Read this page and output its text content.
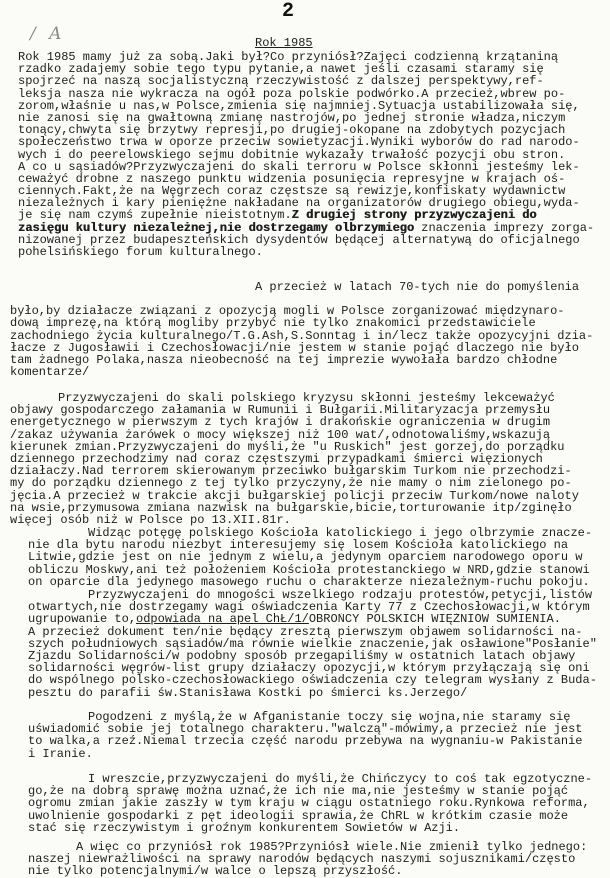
2
/ A	Rok 1985
Rok 1985 mamy już za sobą.Jaki był?Co przyniósł?Zajęci codzienną krzątaniną
rzadko zadajemy sobie tego typu pytanie,a nawet jeśli czasami staramy się
spojrzeć na naszą socjalistyczną rzeczywistość z dalszej perspektywy,ref-
leksja nasza nie wykracza na ogół poza polskie podwórko.A przecież,wbrew po-
zorom,właśnie u nas,w Polsce,zmienia się najmniej.Sytuacja ustabilizowała się,
nie zanosi się na gwałtowną zmianę nastrojów,po jednej stronie władza,niczym
tonący,chwyta się brzytwy represji,po drugiej-okopane na zdobytych pozycjach
społeczeństwo trwa w oporze przeciw sowietyzacji.Wyniki wyborów do rad narodo-
wych i do peerelowskiego sejmu dobitnie wykazały trwałość pozycji obu stron.
A co u sąsiadów?Przyzwyczajeni do skali terroru w Polsce skłonni jesteśmy lek-
ceważyć drobne z naszego punktu widzenia posunięcia represyjne w krajach oś-
ciennych.Fakt,że na Węgrzech coraz częstsze są rewizje,konfiskaty wydawnictw
niezależnych i kary pieniężne nakładane na organizatorów drugiego obiegu,wyda-
je się nam czymś zupełnie nieistotnym.Z drugiej strony przyzwyczajeni do
zasięgu kultury niezależnej,nie dostrzegamy olbrzymiego znaczenia imprezy zorga-
nizowanej przez budapeszteńskich dysydentów będącej alternatywą do oficjalnego
pohelsińskiego forum kulturalnego.
A przecież w latach 70-tych nie do pomyślenia
było,by działacze związani z opozycją mogli w Polsce zorganizować międzynaro-
dową imprezę,na którą mogliby przybyć nie tylko znakomici przedstawiciele
zachodniego życia kulturalnego/T.G.Ash,S.Sonntag i in/lecz także opozycyjni dzia-
łacze z Jugosławii i Czechosłowacji/nie jestem w stanie pojąć dlaczego nie było
tam żadnego Polaka,nasza nieobecność na tej imprezie wywołała bardzo chłodne
komentarze/
Przyzwyczajeni do skali polskiego kryzysu skłonni jesteśmy lekceważyć
objawy gospodarczego załamania w Rumunii i Bułgarii.Militaryzacja przemysłu
energetycznego w pierwszym z tych krajów i drakońskie ograniczenia w drugim
/zakaz używania żarówek o mocy większej niż 100 wat/,odnotowaliśmy,wskazują
kierunek zmian.Przyzwyczajeni do myśli,że "u Ruskich" jest gorzej,do porządku
dziennego przechodzimy nad coraz częstszymi przypadkami śmierci więzionych
działaczy.Nad terrorem skierowanym przeciwko bułgarskim Turkom nie przechodzi-
my do porządku dziennego z tej tylko przyczyny,że nie mamy o nim zielonego po-
jęcia.A przecież w trakcie akcji bułgarskiej policji przeciw Turkom/nowe naloty
na wsie,przymusowa zmiana nazwisk na bułgarskie,bicie,torturowanie itp/zginęło
więcej osób niż w Polsce po 13.XII.81r.
Widząc potęgę polskiego Kościoła katolickiego i jego olbrzymie znacze-
nie dla bytu narodu niezbyt interesujemy się losem Kościoła katolickiego na
Litwie,gdzie jest on nie jednym z wielu,a jedynym oparciem narodowego oporu w
obliczu Moskwy,ani też położeniem Kościoła protestanckiego w NRD,gdzie stanowi
on oparcie dla jedynego masowego ruchu o charakterze niezależnym-ruchu pokoju.
Przyzwyczajeni do mnogości wszelkiego rodzaju protestów,petycji,listów
otwartych,nie dostrzegamy wagi oświadczenia Karty 77 z Czechosłowacji,w którym
ugrupowanie to,odpowiada na apel ChŁ/1/OBROŃCY POLSKICH WIĘŹNIÓW SUMIENIA.
A przecież dokument ten/nie będący zresztą pierwszym objawem solidarności na-
szych południowych sąsiadów/ma równie wielkie znaczenie,jak osławione"Posłanie"
Zjazdu Solidarności/w podobny sposób przegapiliśmy w ostatnich latach objawy
solidarności węgrów-list grupy działaczy opozycji,w którym przyłączają się oni
do wspólnego polsko-czechosłowackiego oświadczenia czy telegram wysłany z Buda-
pesztu do parafii św.Stanisława Kostki po śmierci ks.Jerzego/
Pogodzeni z myślą,że w Afganistanie toczy się wojna,nie staramy się
uświadomić sobie jej totalnego charakteru."walczą"-mówimy,a przecież nie jest
to walka,a rzeź.Niemal trzecia część narodu przebywa na wygnaniu-w Pakistanie
i Iranie.
I wreszcie,przyzwyczajeni do myśli,że Chińczycy to coś tak egzotyczne-
go,że na dobrą sprawę można uznać,że ich nie ma,nie jesteśmy w stanie pojąć
ogromu zmian jakie zaszły w tym kraju w ciągu ostatniego roku.Rynkowa reforma,
uwolnienie gospodarki z pęt ideologii sprawia,że ChRL w krótkim czasie może
stać się rzeczywistym i groźnym konkurentem Sowietów w Azji.
A więc co przyniósł rok 1985?Przyniósł wiele.Nie zmienił tylko jednego:
naszej niewrażliwości na sprawy narodów będących naszymi sojusznikami/często
nie tylko potencjalnymi/w walce o lepszą przyszłość.
